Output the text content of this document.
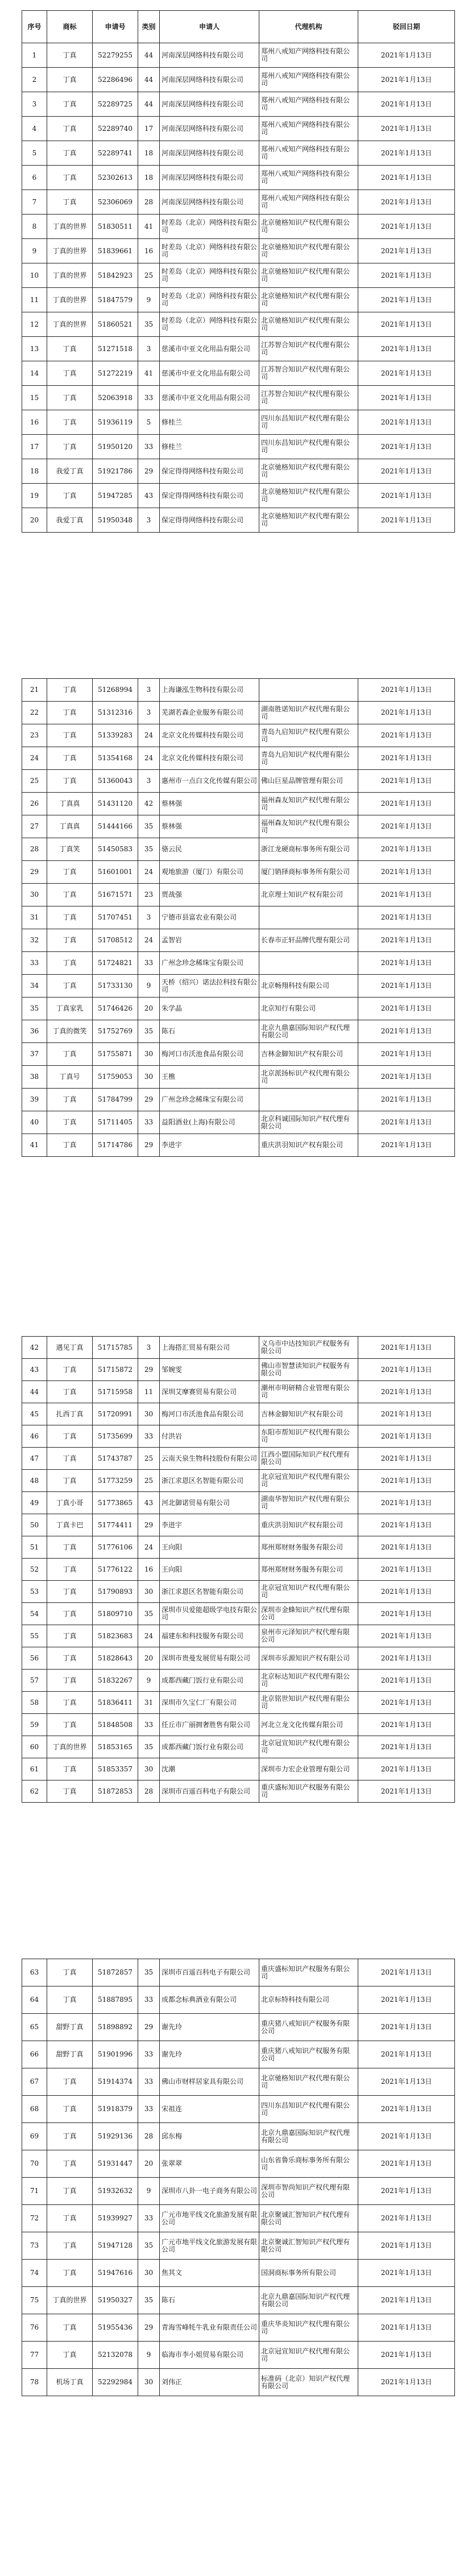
序号	商标	申请号	类别	申请人	代理机构	驳回日期
1	丁真	52279255	44	河南深层网络科技有限公司	郑州八戒知产网络科技有限公司	2021年1月13日
2	丁真	52286496	44	河南深层网络科技有限公司	郑州八戒知产网络科技有限公司	2021年1月13日
3	丁真	52289725	44	河南深层网络科技有限公司	郑州八戒知产网络科技有限公司	2021年1月13日
4	丁真	52289740	17	河南深层网络科技有限公司	郑州八戒知产网络科技有限公司	2021年1月13日
5	丁真	52289741	18	河南深层网络科技有限公司	郑州八戒知产网络科技有限公司	2021年1月13日
6	丁真	52302613	18	河南深层网络科技有限公司	郑州八戒知产网络科技有限公司	2021年1月13日
7	丁真	52306069	28	河南深层网络科技有限公司	郑州八戒知产网络科技有限公司	2021年1月13日
8	丁真的世界	51830511	41	时差岛（北京）网络科技有限公司	北京驰格知识产权代理有限公司	2021年1月13日
9	丁真的世界	51839661	16	时差岛（北京）网络科技有限公司	北京驰格知识产权代理有限公司	2021年1月13日
10	丁真的世界	51842923	25	时差岛（北京）网络科技有限公司	北京驰格知识产权代理有限公司	2021年1月13日
11	丁真的世界	51847579	9	时差岛（北京）网络科技有限公司	北京驰格知识产权代理有限公司	2021年1月13日
12	丁真的世界	51860521	35	时差岛（北京）网络科技有限公司	北京驰格知识产权代理有限公司	2021年1月13日
13	丁真	51271518	3	慈溪市中亚文化用品有限公司	江苏智合知识产权代理有限公司	2021年1月13日
14	丁真	51272219	41	慈溪市中亚文化用品有限公司	江苏智合知识产权代理有限公司	2021年1月13日
15	丁真	52063918	33	慈溪市中亚文化用品有限公司	江苏智合知识产权代理有限公司	2021年1月13日
16	丁真	51936119	5	修桂兰	四川东昌知识产权代理有限公司	2021年1月13日
17	丁真	51950120	33	修桂兰	四川东昌知识产权代理有限公司	2021年1月13日
18	我爱丁真	51921786	29	保定得得网络科技有限公司	北京驰格知识产权代理有限公司	2021年1月13日
19	丁真	51947285	43	保定得得网络科技有限公司	北京驰格知识产权代理有限公司	2021年1月13日
20	我爱丁真	51950348	3	保定得得网络科技有限公司	北京驰格知识产权代理有限公司	2021年1月13日
21	丁真	51268994	3	上海谦泓生物科技有限公司		2021年1月13日
22	丁真	51312316	3	芜湖若森企业服务有限公司	湖南胜诺知识产权代理有限公司	2021年1月13日
23	丁真	51339283	24	北京文化传媒科技有限公司	青岛九启知识产权代理有限公司	2021年1月13日
24	丁真	51354168	24	北京文化传媒科技有限公司	青岛九启知识产权代理有限公司	2021年1月13日
25	丁真	51360043	3	惠州市一点白文化传媒有限公司	佛山巨星品牌管理有限公司	2021年1月13日
26	丁真真	51431120	42	蔡林强	福州森友知识产权代理有限公司	2021年1月13日
27	丁真真	51444166	35	蔡林强	福州森友知识产权代理有限公司	2021年1月13日
28	丁真笑	51450583	35	骆云民	浙江龙硬商标事务所有限公司	2021年1月13日
29	丁真	51601001	24	观地旅游（厦门）有限公司	厦门销择商标事务所有限公司	2021年1月13日
30	丁真	51671571	23	贾战强	北京理士知识产权有限公司	2021年1月13日
31	丁真	51707451	3	宁德市县富农业有限公司		2021年1月13日
32	丁真	51708512	24	孟智岩	长春市正轩品牌代理有限公司	2021年1月13日
33	丁真	51724821	33	广州念珍念稀珠宝有限公司		2021年1月13日
34	丁真	51733130	9	天桥（绍兴）诺法拉科技有限公司	北京畅翔科技有限公司	2021年1月13日
35	丁真家乳	51746426	20	朱学晶	北京知行有限公司	2021年1月13日
36	丁真的微笑	51752769	35	陈石	北京九鼎嘉国际知识产权代理有限公司	2021年1月13日
37	丁真	51755871	30	梅河口市沃池食品有限公司	吉林金脚知识产权有限公司	2021年1月13日
38	丁真号	51759053	30	王樵	北京派扬标识产权代理有限公司	2021年1月13日
39	丁真	51784799	29	广州念珍念稀珠宝有限公司		2021年1月13日
40	丁真	51711405	33	益阳酒业(上海)有限公司	北京科诚国际知识产权代理有限公司	2021年1月13日
41	丁真	51714786	29	李进宇	重庆洪羽知识产权有限公司	2021年1月13日
42	遇见丁真	51715785	3	上海搭汇贸易有限公司	义乌市中达技知识产权服务有限公司	2021年1月13日
43	丁真	51715872	29	邹婉雯	佛山市智慧读知识产权服务有限公司	2021年1月13日
44	丁真	51715958	11	深圳艾摩赛贸易有限公司	潮州市明研精合业管理有限公司	2021年1月13日
45	扎西丁真	51720991	30	梅河口市沃池食品有限公司	吉林金脚知识产权有限公司	2021年1月13日
46	丁真	51735699	33	付洪岩	东阳市帮知识产权代理有限公司	2021年1月13日
47	丁真	51743787	25	云南天泉生物科技股份有限公司	江西小盟国际知识产权代理有限公司	2021年1月13日
48	丁真	51773259	25	浙江求恩区名智能有限公司	北京冠宣知识产权代理有限公司	2021年1月13日
49	丁真小哥	51773865	43	河北御诺贸易有限公司	湖南华智知识产权代理有限公司	2021年1月13日
50	丁真卡巴	51774411	29	李进宇	重庆洪羽知识产权有限公司	2021年1月13日
51	丁真	51776106	24	王向阳	郑州郑财财务服务有限公司	2021年1月13日
52	丁真	51776122	16	王向阳	郑州郑财财务服务有限公司	2021年1月13日
53	丁真	51790893	30	浙江求恩区名智能有限公司	北京冠宣知识产权代理有限公司	2021年1月13日
54	丁真	51809710	35	深圳市贝爱能超级学电技有限公司	深圳市金蜂知识产权代理有限公司	2021年1月13日
55	丁真	51823683	24	福建东和科技服务有限公司	泉州市元泽知识产权代理有限公司	2021年1月13日
56	丁真	51828643	20	深圳市贵曼发展贸易有限公司	深圳市乐源知识产权有限公司	2021年1月13日
57	丁真	51832267	9	成都西藏门饭行业有限公司	北京标达知识产权代理有限公司	2021年1月13日
58	丁真	51836411	31	深圳市久宝仁厂有限公司	北京铭世知识产权代理有限公司	2021年1月13日
59	丁真	51848508	33	任丘市广丽拥奢胜售有限公司	河北立龙文化传媒有限公司	2021年1月13日
60	丁真的世界	51853165	35	成都西藏门饭行业有限公司	北京冠宣知识产权代理有限公司	2021年1月13日
61	丁真	51853357	30	沈潮	深圳市力宏企业管理有限公司	2021年1月13日
62	丁真	51872853	28	深圳市百遥百科电子有限公司	重庆盛标知识产权服务有限公司	2021年1月13日
63	丁真	51872857	35	深圳市百遥百科电子有限公司	重庆盛标知识产权服务有限公司	2021年1月13日
64	丁真	51887895	33	成都念标典酒业有限公司	北京标特科技有限公司	2021年1月13日
65	甜野丁真	51898892	29	谢先玲	重庆猪八戒知识产权服务有限公司	2021年1月13日
66	甜野丁真	51901996	33	谢先玲	重庆猪八戒知识产权服务有限公司	2021年1月13日
67	丁真	51914374	33	佛山市财样居家具有限公司	北京驰格知识产权代理有限公司	2021年1月13日
68	丁真	51918379	33	宋祖连	四川东昌知识产权代理有限公司	2021年1月13日
69	丁真	51929136	28	邱东梅	北京九鼎嘉国际知识产权代理有限公司	2021年1月13日
70	丁真	51931447	20	张翠翠	山东省鲁乐商标事务所有限公司	2021年1月13日
71	丁真	51932632	9	深圳市八卦一电子商务有限公司	深圳市智尚知识产权代理有限公司	2021年1月13日
72	丁真	51939927	33	广元市地平线文化旅游发展有限公司	北京聚诚汇智知识产权代理有限公司	2021年1月13日
73	丁真	51947128	35	广元市地平线文化旅游发展有限公司	北京聚诚汇智知识产权代理有限公司	2021年1月13日
74	丁真	51947616	30	焦其文	国洞商标事务所有限公司	2021年1月13日
75	丁真的世界	51950327	35	陈石	北京九鼎嘉国际知识产权代理有限公司	2021年1月13日
76	丁真	51955436	29	青海雪峰牦牛乳业有限责任公司	重庆华炎知识产权代理有限公司	2021年1月13日
77	丁真	52132078	9	临海市李小姐贸易有限公司	北京冠宣知识产权代理有限公司	2021年1月13日
78	机场丁真	52292984	30	刘伟正	标准码（北京）知识产权代理有限公司	2021年1月13日
